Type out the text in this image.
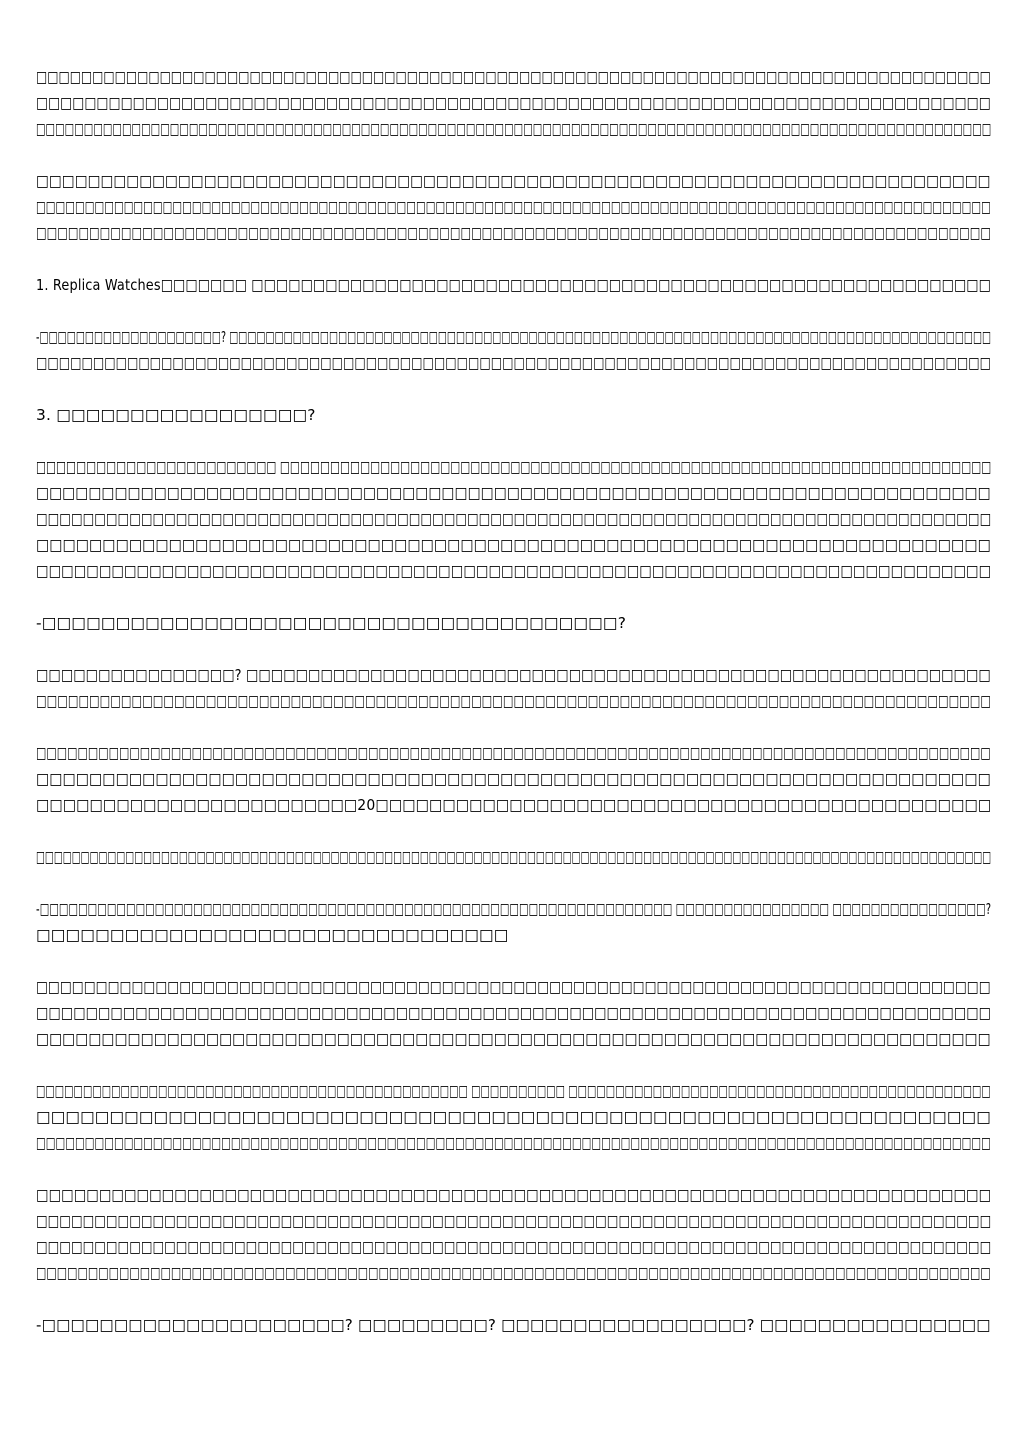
□□□□□□□□□□□□□□□□□□□□□□□□□□□□□□□□□□□□□□□□□□□□□□□□□□□□□□□□□□□□□□□□□□□□□□□□□□□□□□□□□□□□□
□□□□□□□□□□□□□□□□□□□□□□□□□□□□□□□□□□□□□□□□□□□□□□□□□□□□□□□□□□□□□□□□□□□□□□□□□□□□□□□
□□□□□□□□□□□□□□□□□□□□□□□□□□□□□□□□□□□□□□□□□□□□□□□□□□□□□□□□□□□□□□□□□□□□□□□□□□□□□□□□□□□□□□□□□□□□□□□□□□□□
□□□□□□□□□□□□□□□□□□□□□□□□□□□□□□□□□□□□□□□□□□□□□□□□□□□□□□□□□□□□□□□□□□□□□□□□□□
□□□□□□□□□□□□□□□□□□□□□□□□□□□□□□□□□□□□□□□□□□□□□□□□□□□□□□□□□□□□□□□□□□□□□□□□□□□□□□□□□□□□□□□□□□□□□□□□□□
□□□□□□□□□□□□□□□□□□□□□□□□□□□□□□□□□□□□□□□□□□□□□□□□□□□□□□□□□□□□□□□□□□□□□□□□□□□□□□□□□□□□□□□□□□
1. Replica Watches□□□□□□□ □□□□□□□□□□□□□□□□□□□□□□□□□□□□□□□□□□□□□□□□□□□□□□□□□□□□□□□□□□□□
-□□□□□□□□□□□□□□□□□□□□? □□□□□□□□□□□□□□□□□□□□□□□□□□□□□□□□□□□□□□□□□□□□□□□□□□□□□□□□□□□□□□□□□□□□□□□□□□□□□□□□□□□□
□□□□□□□□□□□□□□□□□□□□□□□□□□□□□□□□□□□□□□□□□□□□□□□□□□□□□□□□□□□□□□□□□□□□□□□□□□□□□□□□□□□□
3. □□□□□□□□□□□□□□□□□?
□□□□□□□□□□□□□□□□□□□□□□□□ □□□□□□□□□□□□□□□□□□□□□□□□□□□□□□□□□□□□□□□□□□□□□□□□□□□□□□□□□□□□□□□□□□□□□□□
□□□□□□□□□□□□□□□□□□□□□□□□□□□□□□□□□□□□□□□□□□□□□□□□□□□□□□□□□□□□□□□□□□□□□□□□□
□□□□□□□□□□□□□□□□□□□□□□□□□□□□□□□□□□□□□□□□□□□□□□□□□□□□□□□□□□□□□□□□□□□□□□□□□□□□□□□□□□
□□□□□□□□□□□□□□□□□□□□□□□□□□□□□□□□□□□□□□□□□□□□□□□□□□□□□□□□□□□□□□□□□□□□□□□□
□□□□□□□□□□□□□□□□□□□□□□□□□□□□□□□□□□□□□□□□□□□□□□□□□□□□□□□□□□□□□□□□□□□□□□□□□□□□
-□□□□□□□□□□□□□□□□□□□□□□□□□□□□□□□□□□□□□□□?
□□□□□□□□□□□□□□□□? □□□□□□□□□□□□□□□□□□□□□□□□□□□□□□□□□□□□□□□□□□□□□□□□□□□□□□□□□□□□
□□□□□□□□□□□□□□□□□□□□□□□□□□□□□□□□□□□□□□□□□□□□□□□□□□□□□□□□□□□□□□□□□□□□□□□□□□□□□□□□□□□□□□□□□□
□□□□□□□□□□□□□□□□□□□□□□□□□□□□□□□□□□□□□□□□□□□□□□□□□□□□□□□□□□□□□□□□□□□□□□□□□□□□□□□□□□□□□□□□□□□□
□□□□□□□□□□□□□□□□□□□□□□□□□□□□□□□□□□□□□□□□□□□□□□□□□□□□□□□□□□□□□□□□□□□□□□□□
□□□□□□□□□□□□□□□□□□□□□□□□20□□□□□□□□□□□□□□□□□□□□□□□□□□□□□□□□□□□□□□□□□□□□□□
□□□□□□□□□□□□□□□□□□□□□□□□□□□□□□□□□□□□□□□□□□□□□□□□□□□□□□□□□□□□□□□□□□□□□□□□□□□□□□□□□□□□□□□□□□□□□□□□□□□□□□□□□□□
-□□□□□□□□□□□□□□□□□□□□□□□□□□□□□□□□□□□□□□□□□□□□□□□□□□□□□□□□□□□□□□□□□□ □□□□□□□□□□□□□□□□ □□□□□□□□□□□□□□□□?
□□□□□□□□□□□□□□□□□□□□□□□□□□□□□□□□
□□□□□□□□□□□□□□□□□□□□□□□□□□□□□□□□□□□□□□□□□□□□□□□□□□□□□□□□□□□□□□□□□□□□□□□□□□□□□□□□
□□□□□□□□□□□□□□□□□□□□□□□□□□□□□□□□□□□□□□□□□□□□□□□□□□□□□□□□□□□□□□□□□□□□□□□□□□□□□
□□□□□□□□□□□□□□□□□□□□□□□□□□□□□□□□□□□□□□□□□□□□□□□□□□□□□□□□□□□□□□□□□□□□□□□□□
□□□□□□□□□□□□□□□□□□□□□□□□□□□□□□□□□□□□□□□□□□□□□□ □□□□□□□□□□ □□□□□□□□□□□□□□□□□□□□□□□□□□□□□□□□□□□□□□□□□□□□□
□□□□□□□□□□□□□□□□□□□□□□□□□□□□□□□□□□□□□□□□□□□□□□□□□□□□□□□□□□□□□□□□□
□□□□□□□□□□□□□□□□□□□□□□□□□□□□□□□□□□□□□□□□□□□□□□□□□□□□□□□□□□□□□□□□□□□□□□□□□□□□□□□□□□□□□□□□□□□□□□□□□□
□□□□□□□□□□□□□□□□□□□□□□□□□□□□□□□□□□□□□□□□□□□□□□□□□□□□□□□□□□□□□□□□□□□□□□□□□□□□
□□□□□□□□□□□□□□□□□□□□□□□□□□□□□□□□□□□□□□□□□□□□□□□□□□□□□□□□□□□□□□□□□□□□□□□□□□□□□□□□□□
□□□□□□□□□□□□□□□□□□□□□□□□□□□□□□□□□□□□□□□□□□□□□□□□□□□□□□□□□□□□□□□□□□□□□□□□□□□□□□□□□□
□□□□□□□□□□□□□□□□□□□□□□□□□□□□□□□□□□□□□□□□□□□□□□□□□□□□□□□□□□□□□□□□□□□□□□□□□□□□□□□□□□□□□□□□□□□□
-□□□□□□□□□□□□□□□□□□□□□? □□□□□□□□□? □□□□□□□□□□□□□□□□□? □□□□□□□□□□□□□□□□
